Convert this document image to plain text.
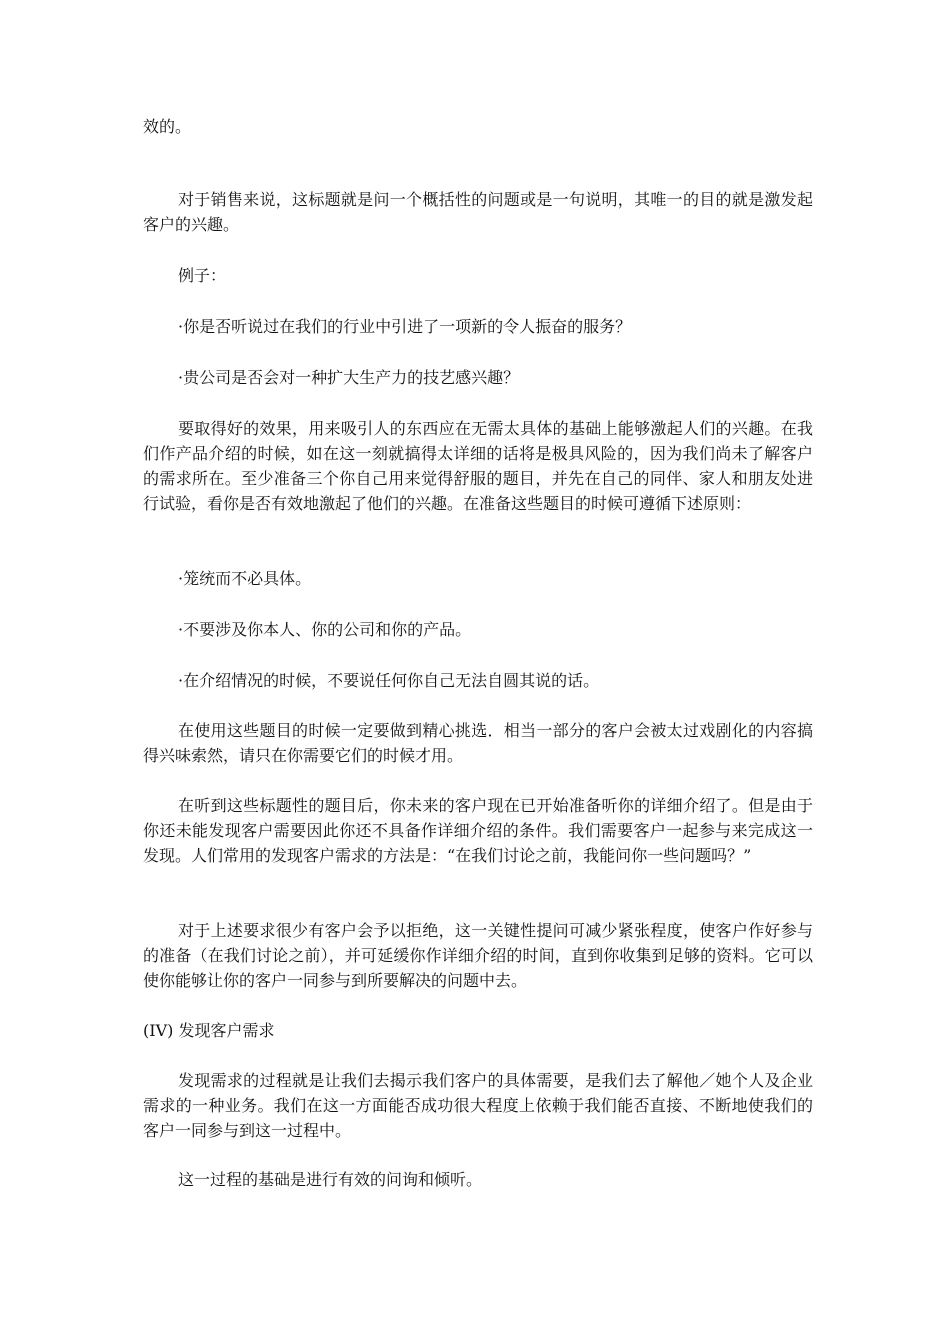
效的。

对于销售来说，这标题就是问一个概括性的问题或是一句说明，其唯一的目的就是激发起客户的兴趣。

例子：

·你是否听说过在我们的行业中引进了一项新的令人振奋的服务？

·贵公司是否会对一种扩大生产力的技艺感兴趣？

要取得好的效果，用来吸引人的东西应在无需太具体的基础上能够激起人们的兴趣。在我们作产品介绍的时候，如在这一刻就搞得太详细的话将是极具风险的，因为我们尚未了解客户的需求所在。至少准备三个你自己用来觉得舒服的题目，并先在自己的同伴、家人和朋友处进行试验，看你是否有效地激起了他们的兴趣。在准备这些题目的时候可遵循下述原则：

·笼统而不必具体。

·不要涉及你本人、你的公司和你的产品。

·在介绍情况的时候，不要说任何你自己无法自圆其说的话。

在使用这些题目的时候一定要做到精心挑选．相当一部分的客户会被太过戏剧化的内容搞得兴味索然，请只在你需要它们的时候才用。

在听到这些标题性的题目后，你未来的客户现在已开始准备听你的详细介绍了。但是由于你还未能发现客户需要因此你还不具备作详细介绍的条件。我们需要客户一起参与来完成这一发现。人们常用的发现客户需求的方法是：“在我们讨论之前，我能问你一些问题吗？”

对于上述要求很少有客户会予以拒绝，这一关键性提问可减少紧张程度，使客户作好参与的准备（在我们讨论之前），并可延缓你作详细介绍的时间，直到你收集到足够的资料。它可以使你能够让你的客户一同参与到所要解决的问题中去。

(IV) 发现客户需求

发现需求的过程就是让我们去揭示我们客户的具体需要，是我们去了解他／她个人及企业需求的一种业务。我们在这一方面能否成功很大程度上依赖于我们能否直接、不断地使我们的客户一同参与到这一过程中。

这一过程的基础是进行有效的问询和倾听。
